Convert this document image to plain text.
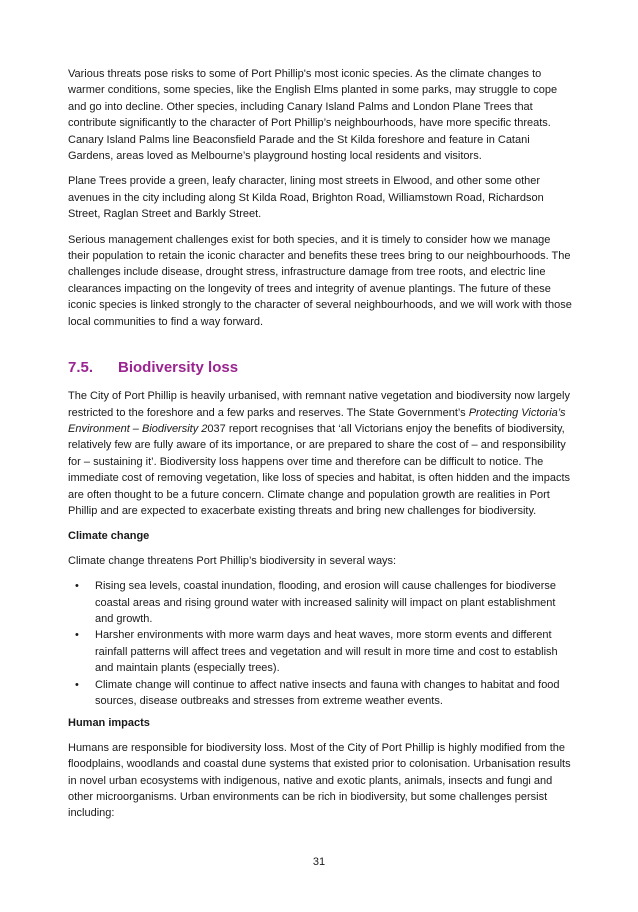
Various threats pose risks to some of Port Phillip's most iconic species. As the climate changes to warmer conditions, some species, like the English Elms planted in some parks, may struggle to cope and go into decline. Other species, including Canary Island Palms and London Plane Trees that contribute significantly to the character of Port Phillip’s neighbourhoods, have more specific threats. Canary Island Palms line Beaconsfield Parade and the St Kilda foreshore and feature in Catani Gardens, areas loved as Melbourne’s playground hosting local residents and visitors.

Plane Trees provide a green, leafy character, lining most streets in Elwood, and other some other avenues in the city including along St Kilda Road, Brighton Road, Williamstown Road, Richardson Street, Raglan Street and Barkly Street.

Serious management challenges exist for both species, and it is timely to consider how we manage their population to retain the iconic character and benefits these trees bring to our neighbourhoods. The challenges include disease, drought stress, infrastructure damage from tree roots, and electric line clearances impacting on the longevity of trees and integrity of avenue plantings. The future of these iconic species is linked strongly to the character of several neighbourhoods, and we will work with those local communities to find a way forward.

7.5.	Biodiversity loss

The City of Port Phillip is heavily urbanised, with remnant native vegetation and biodiversity now largely restricted to the foreshore and a few parks and reserves. The State Government’s Protecting Victoria’s Environment – Biodiversity 2037 report recognises that ‘all Victorians enjoy the benefits of biodiversity, relatively few are fully aware of its importance, or are prepared to share the cost of – and responsibility for – sustaining it’. Biodiversity loss happens over time and therefore can be difficult to notice. The immediate cost of removing vegetation, like loss of species and habitat, is often hidden and the impacts are often thought to be a future concern. Climate change and population growth are realities in Port Phillip and are expected to exacerbate existing threats and bring new challenges for biodiversity.

Climate change

Climate change threatens Port Phillip’s biodiversity in several ways:

• Rising sea levels, coastal inundation, flooding, and erosion will cause challenges for biodiverse coastal areas and rising ground water with increased salinity will impact on plant establishment and growth.
• Harsher environments with more warm days and heat waves, more storm events and different rainfall patterns will affect trees and vegetation and will result in more time and cost to establish and maintain plants (especially trees).
• Climate change will continue to affect native insects and fauna with changes to habitat and food sources, disease outbreaks and stresses from extreme weather events.
Human impacts

Humans are responsible for biodiversity loss. Most of the City of Port Phillip is highly modified from the floodplains, woodlands and coastal dune systems that existed prior to colonisation. Urbanisation results in novel urban ecosystems with indigenous, native and exotic plants, animals, insects and fungi and other microorganisms. Urban environments can be rich in biodiversity, but some challenges persist including:

31
